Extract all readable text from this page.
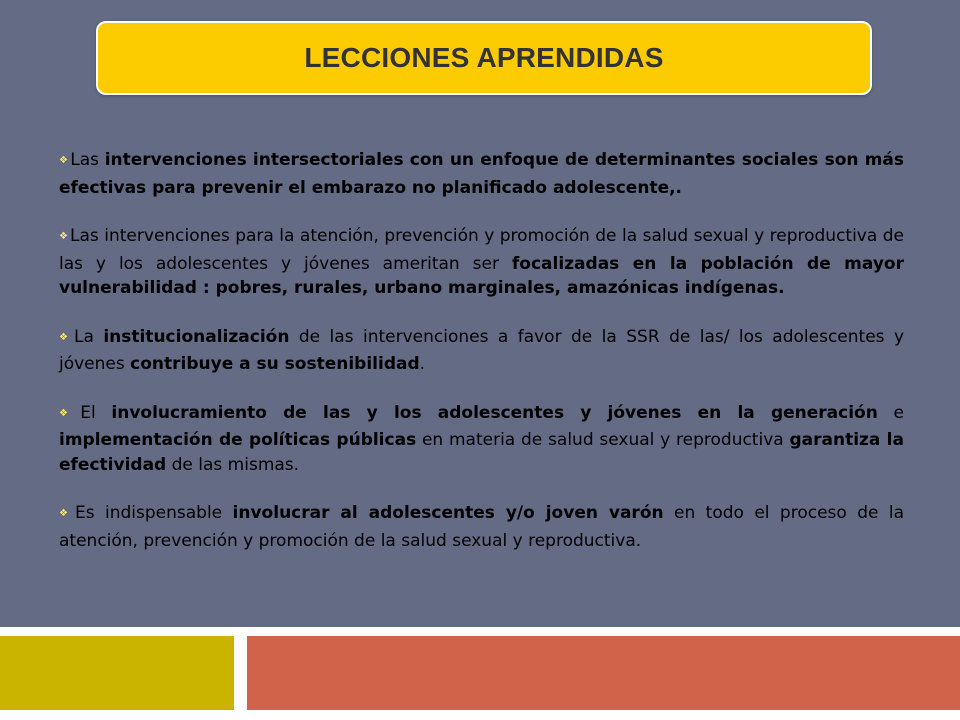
LECCIONES APRENDIDAS
❖ Las intervenciones intersectoriales con un enfoque de determinantes sociales son más efectivas para prevenir el embarazo no planificado adolescente,.
❖ Las intervenciones para la atención, prevención y promoción de la salud sexual y reproductiva de las y los adolescentes y jóvenes ameritan ser focalizadas en la población de mayor vulnerabilidad : pobres, rurales, urbano marginales, amazónicas indígenas.
❖ La institucionalización de las intervenciones a favor de la SSR de las/ los adolescentes y jóvenes contribuye a su sostenibilidad.
❖ El involucramiento de las y los adolescentes y jóvenes en la generación e implementación de políticas públicas en materia de salud sexual y reproductiva garantiza la efectividad de las mismas.
❖ Es indispensable involucrar al adolescentes y/o joven varón en todo el proceso de la atención, prevención y promoción de la salud sexual y reproductiva.
